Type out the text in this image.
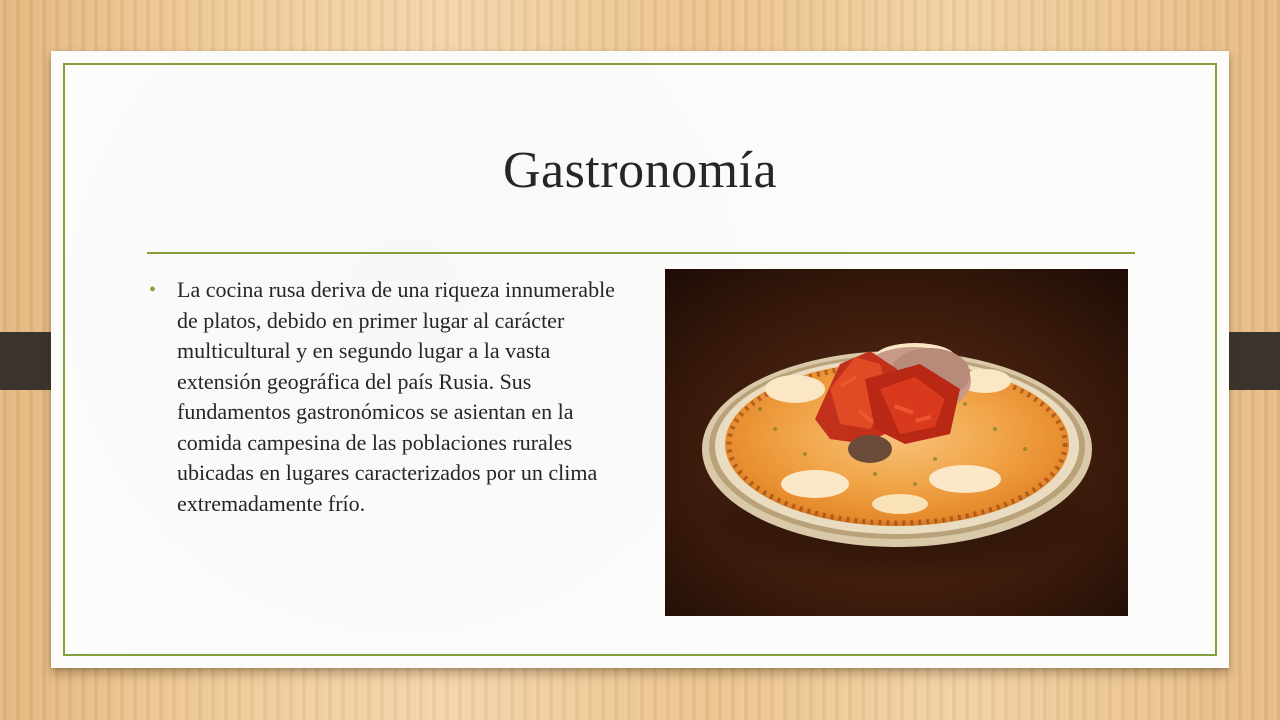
Gastronomía
• La cocina rusa deriva de una riqueza innumerable de platos, debido en primer lugar al carácter multicultural y en segundo lugar a la vasta extensión geográfica del país Rusia. Sus fundamentos gastronómicos se asientan en la comida campesina de las poblaciones rurales ubicadas en lugares caracterizados por un clima extremadamente frío.
